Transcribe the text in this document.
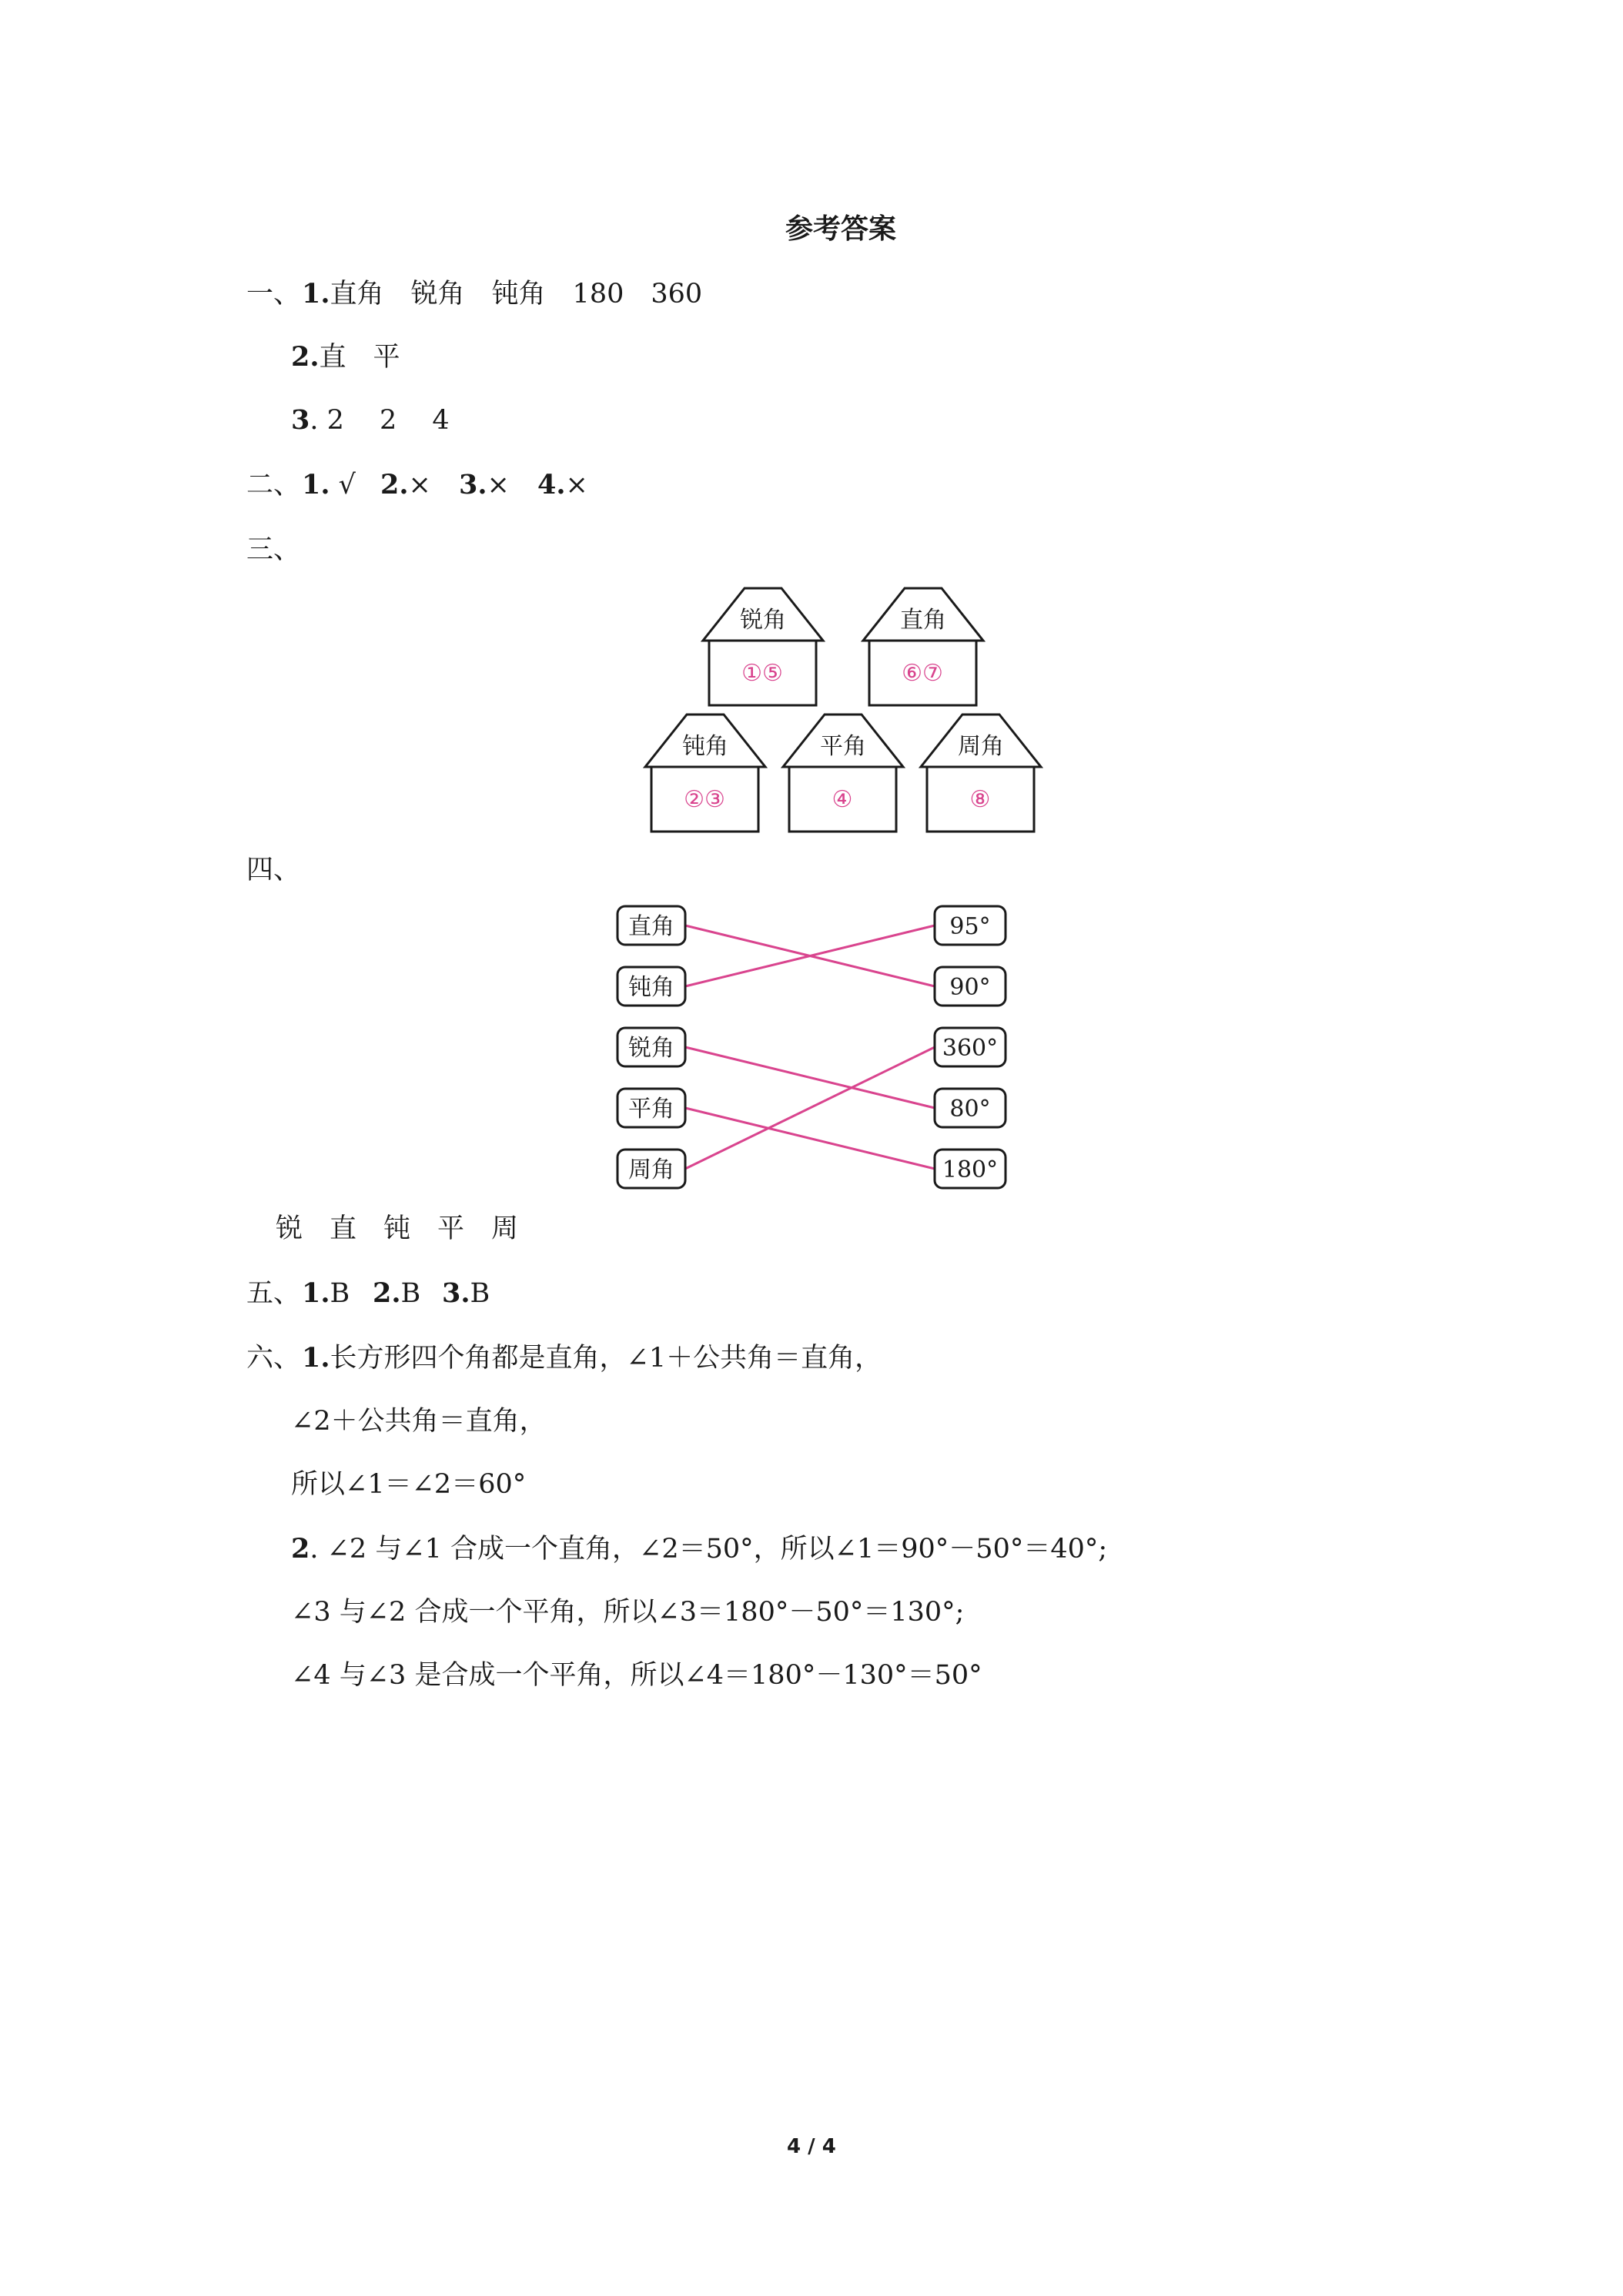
参考答案
一、 1.直角　锐角　钝角　180　360
2.直　平
3. 2  2  4
二、 1. √ 2.× 3.× 4.×
三、
锐角	直角
钝角	平角	周角
①⑤	⑥⑦
②③	④	⑧
四、
直角
钝角
锐角
平角
周角
95°
90°
360°
80°
180°
锐　直　钝　平　周
五、 1.B 2.B 3.B
六、 1.长方形四个角都是直角，∠1＋公共角＝直角，
∠2＋公共角＝直角，
所以∠1＝∠2＝60°
2. ∠2 与∠1 合成一个直角，∠2＝50°，所以∠1＝90°－50°＝40°;
∠3 与∠2 合成一个平角，所以∠3＝180°－50°＝130°;
∠4 与∠3 是合成一个平角，所以∠4＝180°－130°＝50°
4 / 4
